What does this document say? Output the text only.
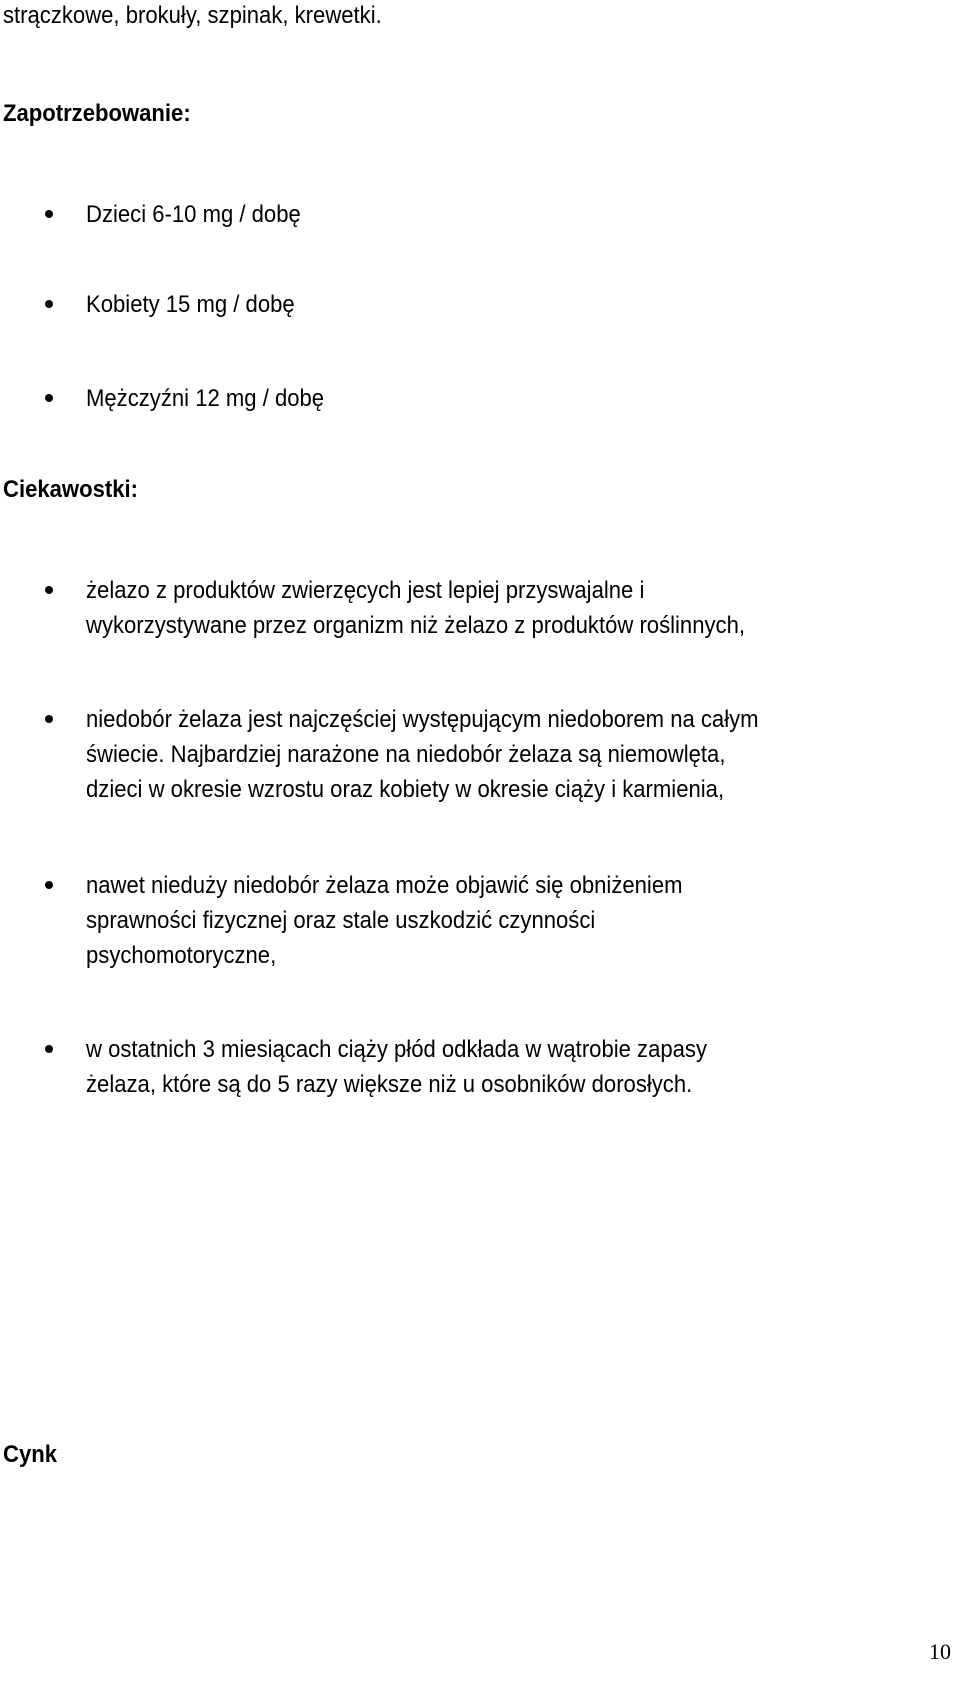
strączkowe, brokuły, szpinak, krewetki.
Zapotrzebowanie:
Dzieci 6-10 mg / dobę
Kobiety 15 mg / dobę
Mężczyźni 12 mg / dobę
Ciekawostki:
żelazo z produktów zwierzęcych jest lepiej przyswajalne i
wykorzystywane przez organizm niż żelazo z produktów roślinnych,
niedobór żelaza jest najczęściej występującym niedoborem na całym
świecie. Najbardziej narażone na niedobór żelaza są niemowlęta,
dzieci w okresie wzrostu oraz kobiety w okresie ciąży i karmienia,
nawet nieduży niedobór żelaza może objawić się obniżeniem
sprawności fizycznej oraz stale uszkodzić czynności
psychomotoryczne,
w ostatnich 3 miesiącach ciąży płód odkłada w wątrobie zapasy
żelaza, które są do 5 razy większe niż u osobników dorosłych.
Cynk
10
